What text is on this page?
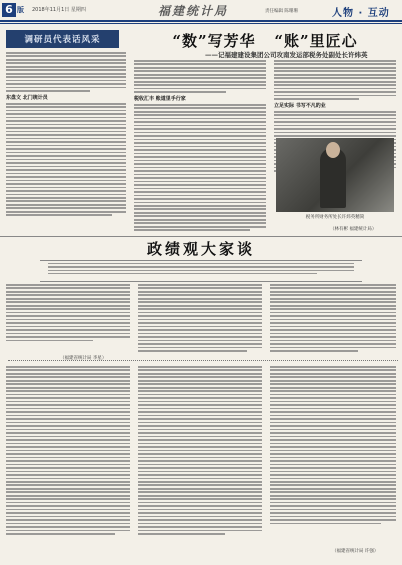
6 版 2018年11月1日 星期四	福建统计局	责任编辑 陈珊珊	人物 · 互动
调研员代表话风采	“数”写芳华 “账”里匠心
——记福建建设集团公司攻南发运部税务处副处长许炜英
东盘文 北门统计员	税收汇丰 账道里手行家
立足实际 书写不凡的业
税务所财务所处长许炜英精简
（林有彬 福建统计局）
政绩观大家谈
（福建省统计局 李星）
（福建省统计局 许强）
